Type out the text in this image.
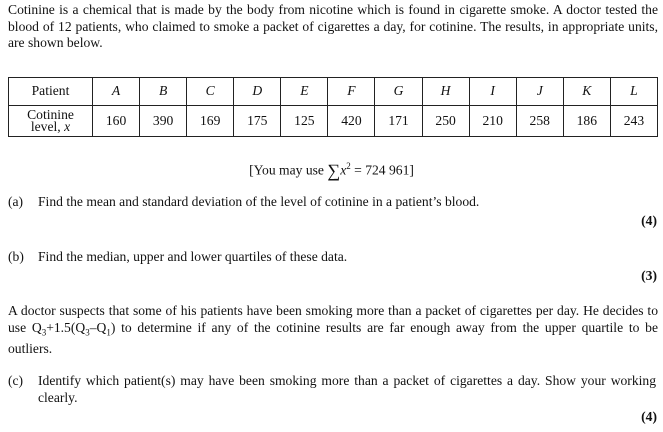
Cotinine is a chemical that is made by the body from nicotine which is found in cigarette smoke. A doctor tested the blood of 12 patients, who claimed to smoke a packet of cigarettes a day, for cotinine. The results, in appropriate units, are shown below.

Patient	A	B	C	D	E	F	G	H	I	J	K	L

Cotinine
level, x	160	390	169	175	125	420	171	250	210	258	186	243
[You may use $\sum x^2 = 724$ 961]
(a) Find the mean and standard deviation of the level of cotinine in a patient’s blood.
(4)
(b) Find the median, upper and lower quartiles of these data.
(3)

A doctor suspects that some of his patients have been smoking more than a packet of cigarettes per day. He decides to use $Q_3+1.5(Q_3-Q_1)$ to determine if any of the cotinine results are far enough away from the upper quartile to be outliers.

(c) Identify which patient(s) may have been smoking more than a packet of cigarettes a day. Show your working clearly.
(4)
